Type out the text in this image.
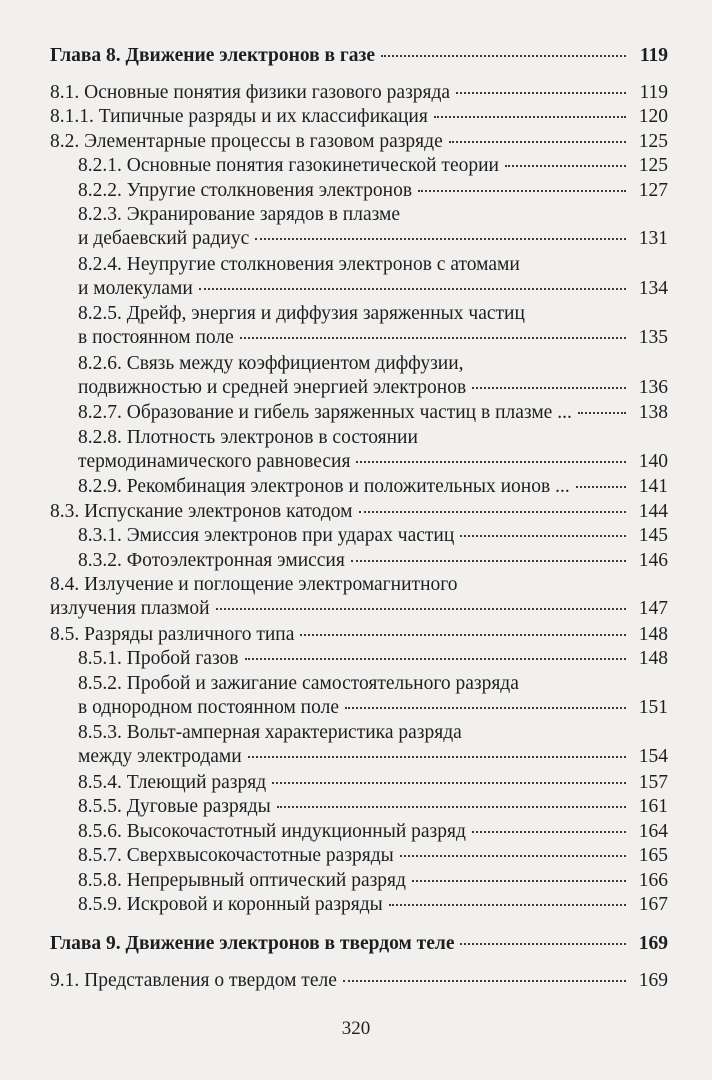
Глава 8. Движение электронов в газе	119
8.1. Основные понятия физики газового разряда	119
8.1.1. Типичные разряды и их классификация	120
8.2. Элементарные процессы в газовом разряде	125
8.2.1. Основные понятия газокинетической теории	125
8.2.2. Упругие столкновения электронов	127
8.2.3. Экранирование зарядов в плазме
и дебаевский радиус	131
8.2.4. Неупругие столкновения электронов с атомами
и молекулами	134
8.2.5. Дрейф, энергия и диффузия заряженных частиц
в постоянном поле	135
8.2.6. Связь между коэффициентом диффузии,
подвижностью и средней энергией электронов	136
8.2.7. Образование и гибель заряженных частиц в плазме ...	138
8.2.8. Плотность электронов в состоянии
термодинамического равновесия	140
8.2.9. Рекомбинация электронов и положительных ионов ...	141
8.3. Испускание электронов катодом	144
8.3.1. Эмиссия электронов при ударах частиц	145
8.3.2. Фотоэлектронная эмиссия	146
8.4. Излучение и поглощение электромагнитного
излучения плазмой	147
8.5. Разряды различного типа	148
8.5.1. Пробой газов	148
8.5.2. Пробой и зажигание самостоятельного разряда
в однородном постоянном поле	151
8.5.3. Вольт-амперная характеристика разряда
между электродами	154
8.5.4. Тлеющий разряд	157
8.5.5. Дуговые разряды	161
8.5.6. Высокочастотный индукционный разряд	164
8.5.7. Сверхвысокочастотные разряды	165
8.5.8. Непрерывный оптический разряд	166
8.5.9. Искровой и коронный разряды	167
Глава 9. Движение электронов в твердом теле	169
9.1. Представления о твердом теле	169
320
